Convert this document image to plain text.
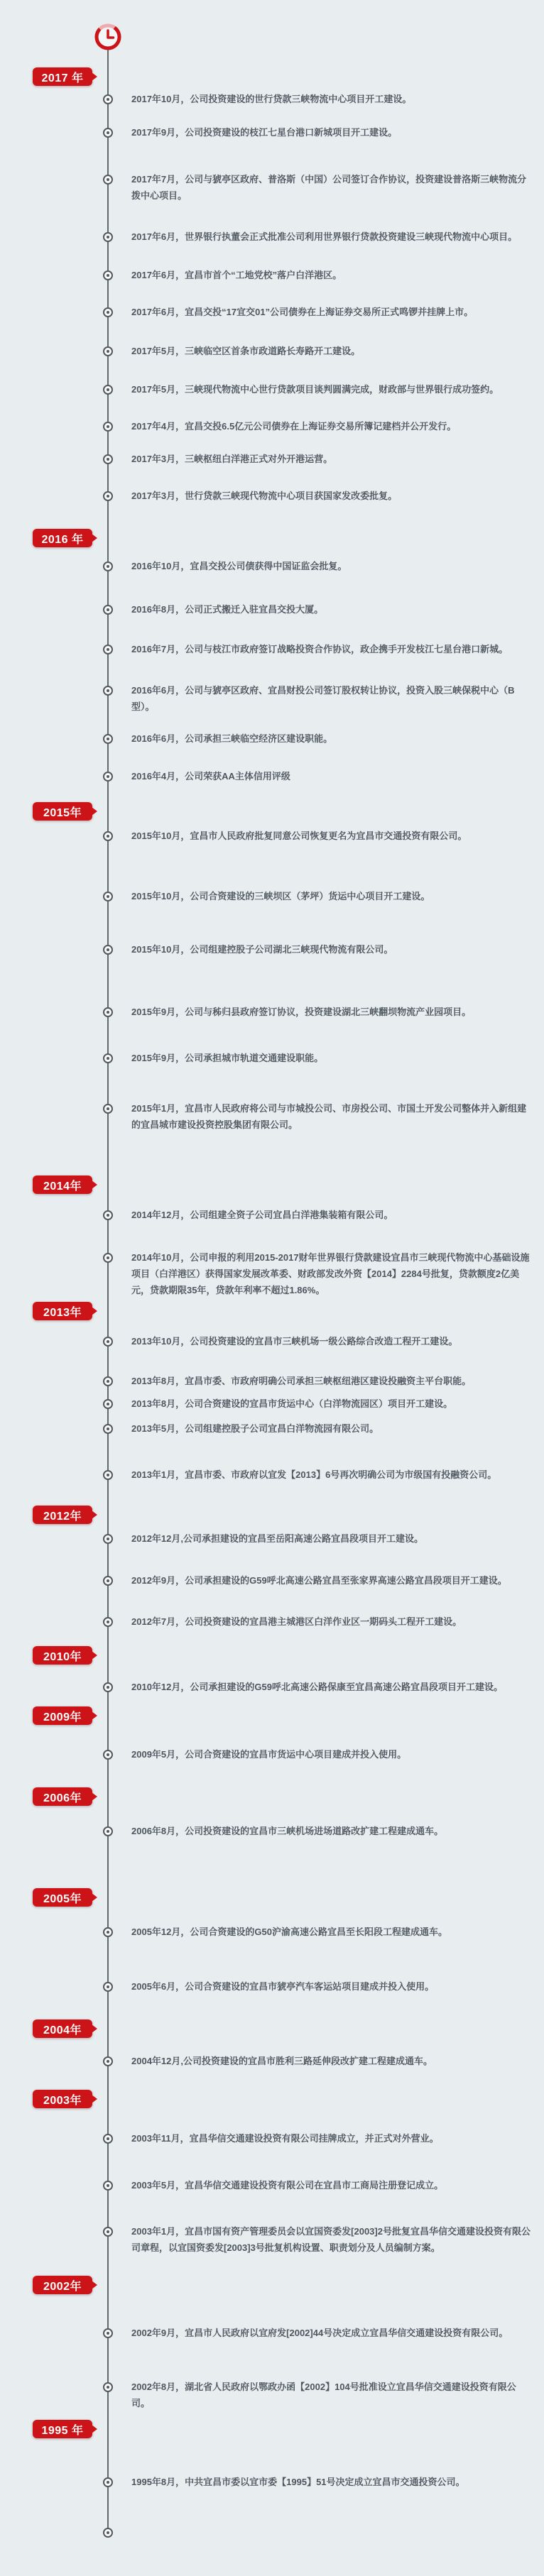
2017 年
2017年10月，公司投资建设的世行贷款三峡物流中心项目开工建设。
2017年9月，公司投资建设的枝江七星台港口新城项目开工建设。
2017年7月，公司与猇亭区政府、普洛斯（中国）公司签订合作协议，投资建设普洛斯三峡物流分拨中心项目。
2017年6月，世界银行执董会正式批准公司利用世界银行贷款投资建设三峡现代物流中心项目。
2017年6月，宜昌市首个“工地党校”落户白洋港区。
2017年6月，宜昌交投“17宜交01”公司债券在上海证券交易所正式鸣锣并挂牌上市。
2017年5月，三峡临空区首条市政道路长寿路开工建设。
2017年5月，三峡现代物流中心世行贷款项目谈判圆满完成，财政部与世界银行成功签约。
2017年4月，宜昌交投6.5亿元公司债券在上海证券交易所簿记建档并公开发行。
2017年3月，三峡枢纽白洋港正式对外开港运营。
2017年3月，世行贷款三峡现代物流中心项目获国家发改委批复。
2016 年
2016年10月，宜昌交投公司债获得中国证监会批复。
2016年8月，公司正式搬迁入驻宜昌交投大厦。
2016年7月，公司与枝江市政府签订战略投资合作协议，政企携手开发枝江七星台港口新城。
2016年6月，公司与猇亭区政府、宜昌财投公司签订股权转让协议，投资入股三峡保税中心（B型）。
2016年6月，公司承担三峡临空经济区建设职能。
2016年4月，公司荣获AA主体信用评级
2015年
2015年10月，宜昌市人民政府批复同意公司恢复更名为宜昌市交通投资有限公司。
2015年10月，公司合资建设的三峡坝区（茅坪）货运中心项目开工建设。
2015年10月，公司组建控股子公司湖北三峡现代物流有限公司。
2015年9月，公司与秭归县政府签订协议，投资建设湖北三峡翻坝物流产业园项目。
2015年9月，公司承担城市轨道交通建设职能。
2015年1月，宜昌市人民政府将公司与市城投公司、市房投公司、市国土开发公司整体并入新组建的宜昌城市建设投资控股集团有限公司。
2014年
2014年12月，公司组建全资子公司宜昌白洋港集装箱有限公司。
2014年10月，公司申报的利用2015-2017财年世界银行贷款建设宜昌市三峡现代物流中心基础设施项目（白洋港区）获得国家发展改革委、财政部发改外资【2014】2284号批复，贷款额度2亿美元，贷款期限35年，贷款年利率不超过1.86%。
2013年
2013年10月，公司投资建设的宜昌市三峡机场一级公路综合改造工程开工建设。
2013年8月，宜昌市委、市政府明确公司承担三峡枢纽港区建设投融资主平台职能。
2013年8月，公司合资建设的宜昌市货运中心（白洋物流园区）项目开工建设。
2013年5月，公司组建控股子公司宜昌白洋物流园有限公司。
2013年1月，宜昌市委、市政府以宜发【2013】6号再次明确公司为市级国有投融资公司。
2012年
2012年12月,公司承担建设的宜昌至岳阳高速公路宜昌段项目开工建设。
2012年9月，公司承担建设的G59呼北高速公路宜昌至张家界高速公路宜昌段项目开工建设。
2012年7月，公司投资建设的宜昌港主城港区白洋作业区一期码头工程开工建设。
2010年
2010年12月，公司承担建设的G59呼北高速公路保康至宜昌高速公路宜昌段项目开工建设。
2009年
2009年5月，公司合资建设的宜昌市货运中心项目建成并投入使用。
2006年
2006年8月，公司投资建设的宜昌市三峡机场进场道路改扩建工程建成通车。
2005年
2005年12月，公司合资建设的G50沪渝高速公路宜昌至长阳段工程建成通车。
2005年6月，公司合资建设的宜昌市猇亭汽车客运站项目建成并投入使用。
2004年
2004年12月,公司投资建设的宜昌市胜利三路延伸段改扩建工程建成通车。
2003年
2003年11月，宜昌华信交通建设投资有限公司挂牌成立，并正式对外营业。
2003年5月，宜昌华信交通建设投资有限公司在宜昌市工商局注册登记成立。
2003年1月，宜昌市国有资产管理委员会以宜国资委发[2003]2号批复宜昌华信交通建设投资有限公司章程，以宜国资委发[2003]3号批复机构设置、职责划分及人员编制方案。
2002年
2002年9月，宜昌市人民政府以宜府发[2002]44号决定成立宜昌华信交通建设投资有限公司。
2002年8月，湖北省人民政府以鄂政办函【2002】104号批准设立宜昌华信交通建设投资有限公司。
1995 年
1995年8月，中共宜昌市委以宜市委【1995】51号决定成立宜昌市交通投资公司。
